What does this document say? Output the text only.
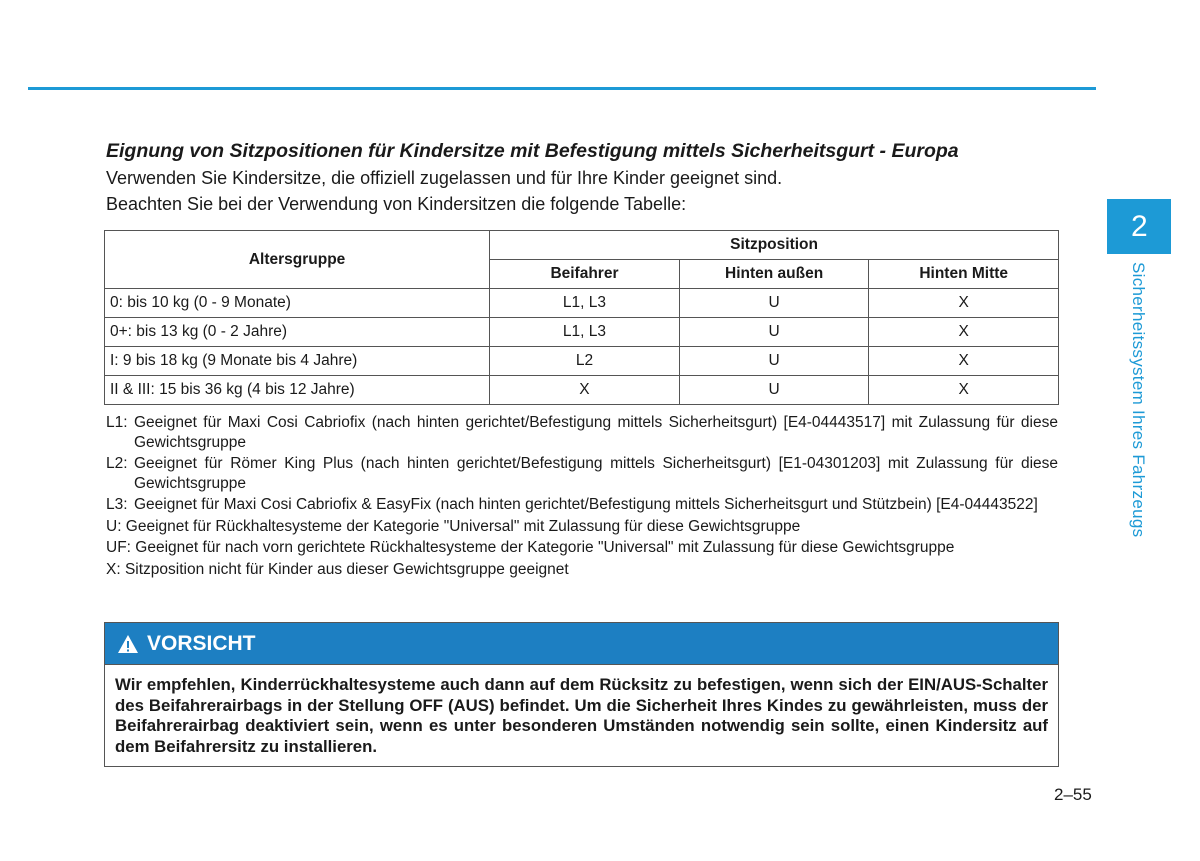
2
Sicherheitssystem Ihres Fahrzeugs
Eignung von Sitzpositionen für Kindersitze mit Befestigung mittels Sicherheitsgurt - Europa
Verwenden Sie Kindersitze, die offiziell zugelassen und für Ihre Kinder geeignet sind.
Beachten Sie bei der Verwendung von Kindersitzen die folgende Tabelle:
Altersgruppe	Sitzposition		
	Beifahrer	Hinten außen	Hinten Mitte
0: bis 10 kg (0 - 9 Monate)	L1, L3	U	X
0+: bis 13 kg (0 - 2 Jahre)	L1, L3	U	X
I: 9 bis 18 kg (9 Monate bis 4 Jahre)	L2	U	X
II & III: 15 bis 36 kg (4 bis 12 Jahre)	X	U	X
L1: Geeignet für Maxi Cosi Cabriofix (nach hinten gerichtet/Befestigung mittels Sicherheitsgurt) [E4-04443517] mit Zulassung für diese Gewichtsgruppe
L2: Geeignet für Römer King Plus (nach hinten gerichtet/Befestigung mittels Sicherheitsgurt) [E1-04301203] mit Zulassung für diese Gewichtsgruppe
L3: Geeignet für Maxi Cosi Cabriofix & EasyFix (nach hinten gerichtet/Befestigung mittels Sicherheitsgurt und Stützbein) [E4-04443522]
U: Geeignet für Rückhaltesysteme der Kategorie "Universal" mit Zulassung für diese Gewichtsgruppe
UF: Geeignet für nach vorn gerichtete Rückhaltesysteme der Kategorie "Universal" mit Zulassung für diese Gewichtsgruppe
X: Sitzposition nicht für Kinder aus dieser Gewichtsgruppe geeignet
VORSICHT
Wir empfehlen, Kinderrückhaltesysteme auch dann auf dem Rücksitz zu befestigen, wenn sich der EIN/AUS-Schalter des Beifahrerairbags in der Stellung OFF (AUS) befindet. Um die Sicherheit Ihres Kindes zu gewährleisten, muss der Beifahrerairbag deaktiviert sein, wenn es unter besonderen Umständen notwendig sein sollte, einen Kindersitz auf dem Beifahrersitz zu installieren.
2–55
